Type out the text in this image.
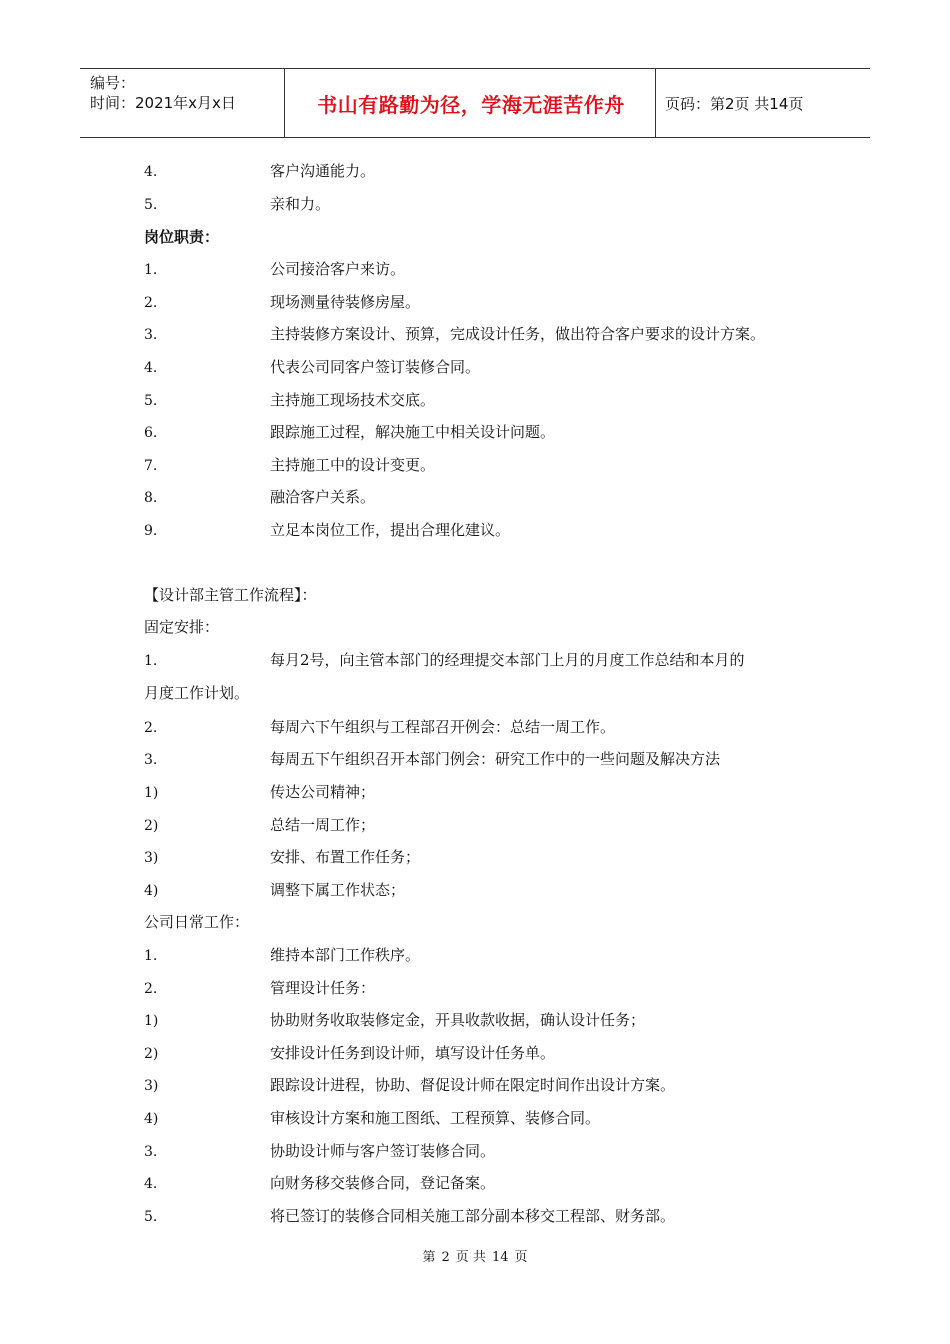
编号：
时间：2021年x月x日	书山有路勤为径，学海无涯苦作舟	页码：第2页 共14页
4.	客户沟通能力。
5.	亲和力。
岗位职责：
1.	公司接洽客户来访。
2.	现场测量待装修房屋。
3.	主持装修方案设计、预算，完成设计任务，做出符合客户要求的设计方案。
4.	代表公司同客户签订装修合同。
5.	主持施工现场技术交底。
6.	跟踪施工过程，解决施工中相关设计问题。
7.	主持施工中的设计变更。
8.	融洽客户关系。
9.	立足本岗位工作，提出合理化建议。
【设计部主管工作流程】：
固定安排：
1.	每月2号，向主管本部门的经理提交本部门上月的月度工作总结和本月的
月度工作计划。
2.	每周六下午组织与工程部召开例会：总结一周工作。
3.	每周五下午组织召开本部门例会：研究工作中的一些问题及解决方法
1)	传达公司精神；
2)	总结一周工作；
3)	安排、布置工作任务；
4)	调整下属工作状态；
公司日常工作：
1.	维持本部门工作秩序。
2.	管理设计任务：
1)	协助财务收取装修定金，开具收款收据，确认设计任务；
2)	安排设计任务到设计师，填写设计任务单。
3)	跟踪设计进程，协助、督促设计师在限定时间作出设计方案。
4)	审核设计方案和施工图纸、工程预算、装修合同。
3.	协助设计师与客户签订装修合同。
4.	向财务移交装修合同，登记备案。
5.	将已签订的装修合同相关施工部分副本移交工程部、财务部。
第 2 页 共 14 页
